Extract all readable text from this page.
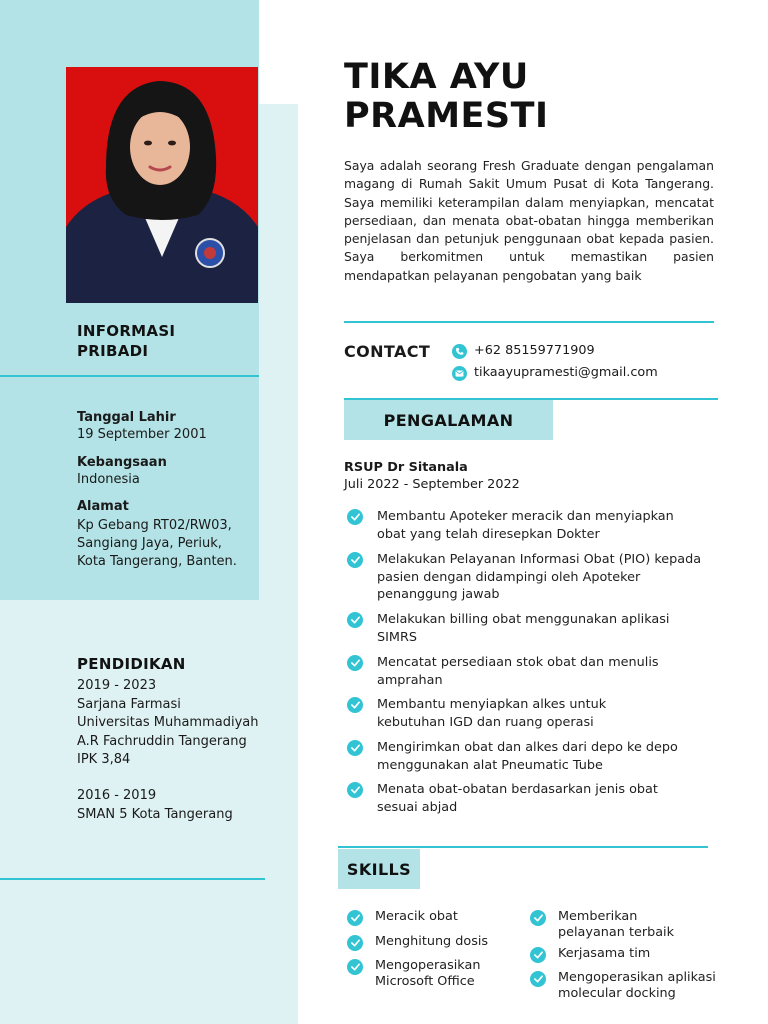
INFORMASI
PRIBADI
Tanggal Lahir
19 September 2001
Kebangsaan
Indonesia
Alamat
Kp Gebang RT02/RW03,
Sangiang Jaya, Periuk,
Kota Tangerang, Banten.
PENDIDIKAN
2019 - 2023
Sarjana Farmasi
Universitas Muhammadiyah
A.R Fachruddin Tangerang
IPK 3,84
2016 - 2019
SMAN 5 Kota Tangerang
TIKA AYU
PRAMESTI
Saya adalah seorang Fresh Graduate dengan pengalaman magang di Rumah Sakit Umum Pusat di Kota Tangerang. Saya memiliki keterampilan dalam menyiapkan, mencatat persediaan, dan menata obat-obatan hingga memberikan penjelasan dan petunjuk penggunaan obat kepada pasien. Saya berkomitmen untuk memastikan pasien mendapatkan pelayanan pengobatan yang baik
CONTACT	+62 85159771909
tikaayupramesti@gmail.com
PENGALAMAN
RSUP Dr Sitanala
Juli 2022 - September 2022
Membantu Apoteker meracik dan menyiapkan
obat yang telah diresepkan Dokter
Melakukan Pelayanan Informasi Obat (PIO) kepada
pasien dengan didampingi oleh Apoteker
penanggung jawab
Melakukan billing obat menggunakan aplikasi
SIMRS
Mencatat persediaan stok obat dan menulis
amprahan
Membantu menyiapkan alkes untuk
kebutuhan IGD dan ruang operasi
Mengirimkan obat dan alkes dari depo ke depo
menggunakan alat Pneumatic Tube
Menata obat-obatan berdasarkan jenis obat
sesuai abjad
SKILLS
Meracik obat
Menghitung dosis
Mengoperasikan
Microsoft Office
Memberikan
pelayanan terbaik
Kerjasama tim
Mengoperasikan aplikasi
molecular docking
